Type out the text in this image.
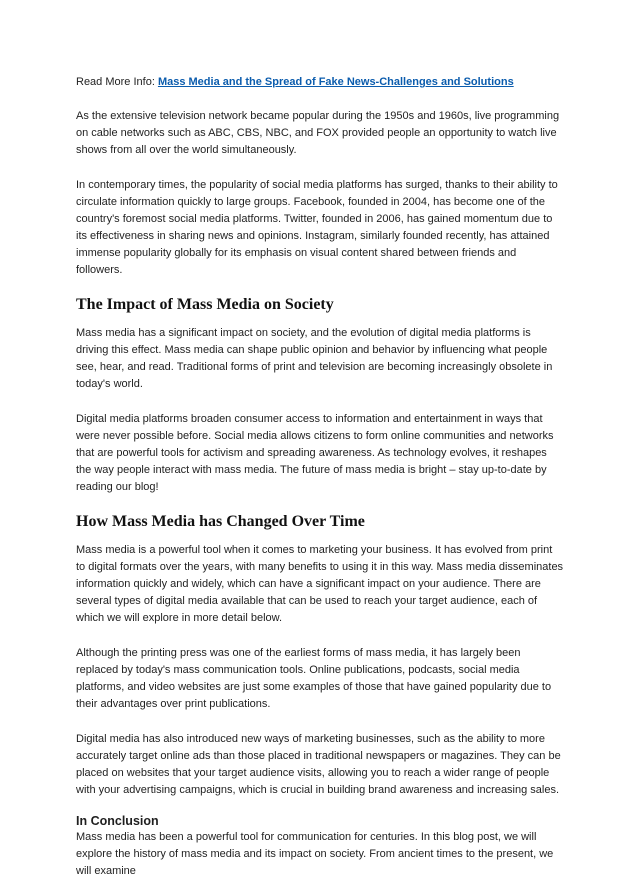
Read More Info: Mass Media and the Spread of Fake News-Challenges and Solutions

As the extensive television network became popular during the 1950s and 1960s, live programming on cable networks such as ABC, CBS, NBC, and FOX provided people an opportunity to watch live shows from all over the world simultaneously.

In contemporary times, the popularity of social media platforms has surged, thanks to their ability to circulate information quickly to large groups. Facebook, founded in 2004, has become one of the country's foremost social media platforms. Twitter, founded in 2006, has gained momentum due to its effectiveness in sharing news and opinions. Instagram, similarly founded recently, has attained immense popularity globally for its emphasis on visual content shared between friends and followers.

The Impact of Mass Media on Society

Mass media has a significant impact on society, and the evolution of digital media platforms is driving this effect. Mass media can shape public opinion and behavior by influencing what people see, hear, and read. Traditional forms of print and television are becoming increasingly obsolete in today's world.

Digital media platforms broaden consumer access to information and entertainment in ways that were never possible before. Social media allows citizens to form online communities and networks that are powerful tools for activism and spreading awareness. As technology evolves, it reshapes the way people interact with mass media. The future of mass media is bright – stay up-to-date by reading our blog!

How Mass Media has Changed Over Time

Mass media is a powerful tool when it comes to marketing your business. It has evolved from print to digital formats over the years, with many benefits to using it in this way. Mass media disseminates information quickly and widely, which can have a significant impact on your audience. There are several types of digital media available that can be used to reach your target audience, each of which we will explore in more detail below.

Although the printing press was one of the earliest forms of mass media, it has largely been replaced by today's mass communication tools. Online publications, podcasts, social media platforms, and video websites are just some examples of those that have gained popularity due to their advantages over print publications.

Digital media has also introduced new ways of marketing businesses, such as the ability to more accurately target online ads than those placed in traditional newspapers or magazines. They can be placed on websites that your target audience visits, allowing you to reach a wider range of people with your advertising campaigns, which is crucial in building brand awareness and increasing sales.

In Conclusion

Mass media has been a powerful tool for communication for centuries. In this blog post, we will explore the history of mass media and its impact on society. From ancient times to the present, we will examine
